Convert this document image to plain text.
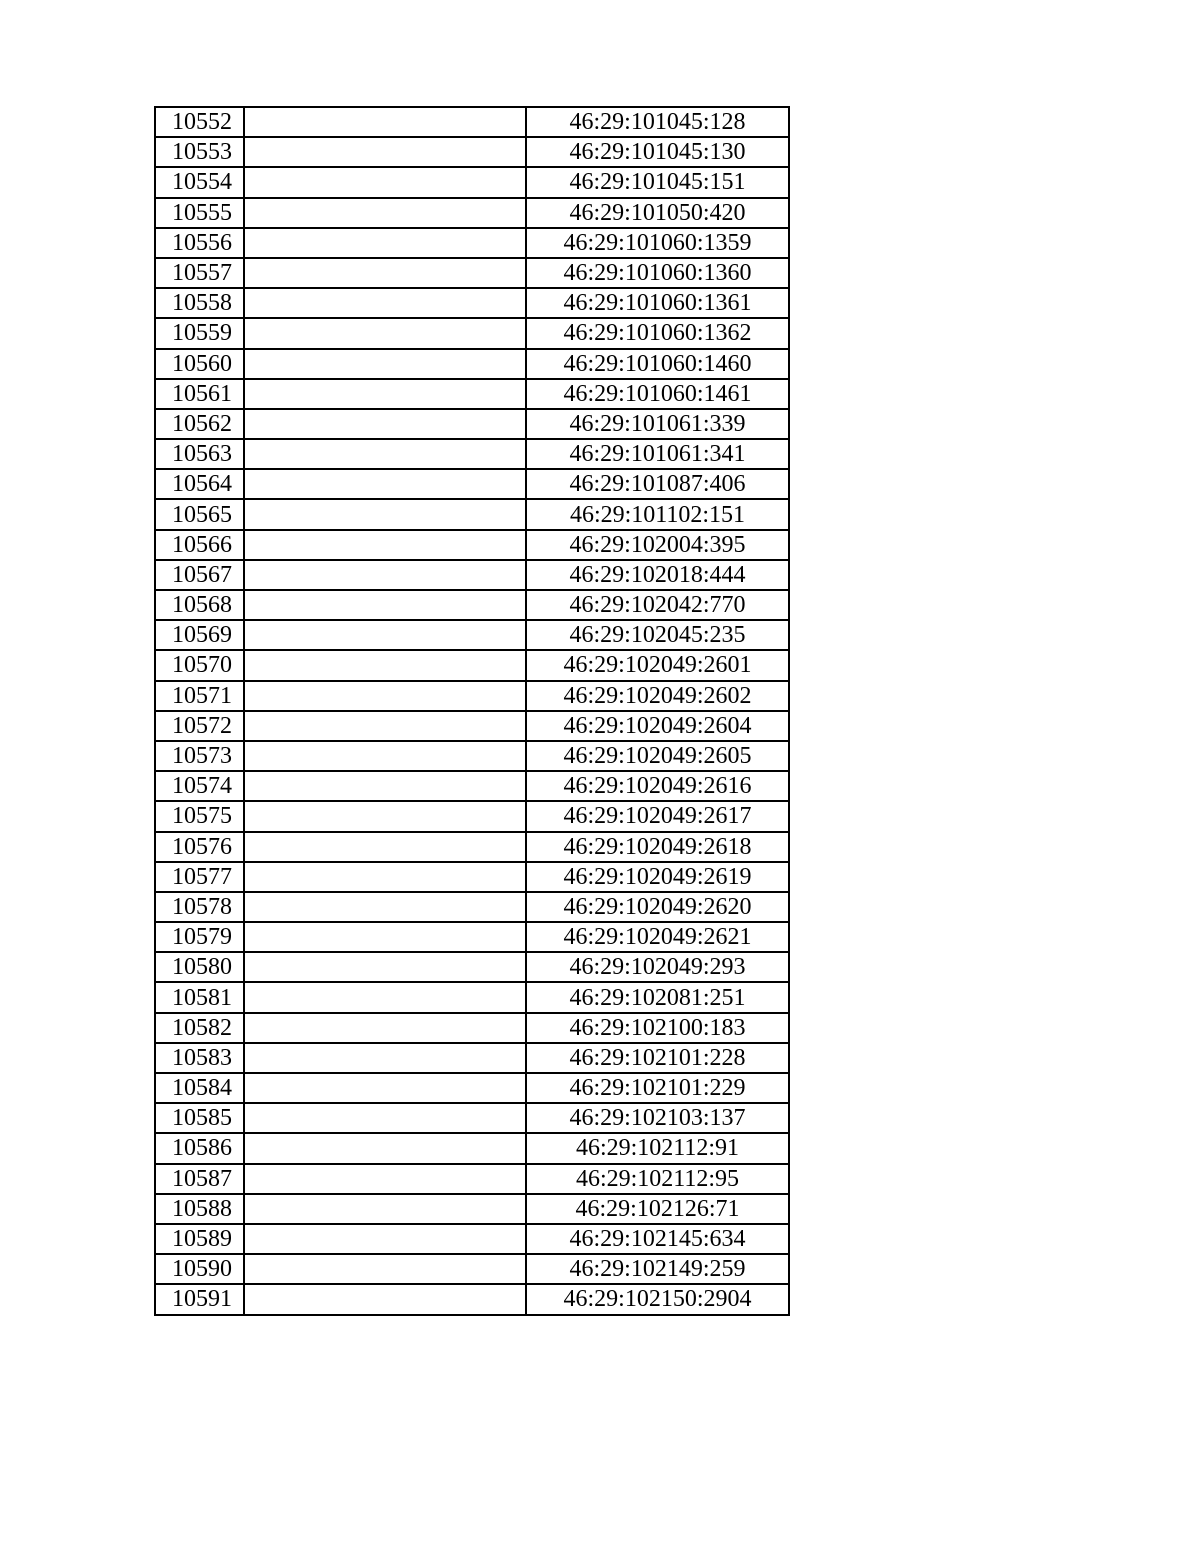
10552		46:29:101045:128
10553		46:29:101045:130
10554		46:29:101045:151
10555		46:29:101050:420
10556		46:29:101060:1359
10557		46:29:101060:1360
10558		46:29:101060:1361
10559		46:29:101060:1362
10560		46:29:101060:1460
10561		46:29:101060:1461
10562		46:29:101061:339
10563		46:29:101061:341
10564		46:29:101087:406
10565		46:29:101102:151
10566		46:29:102004:395
10567		46:29:102018:444
10568		46:29:102042:770
10569		46:29:102045:235
10570		46:29:102049:2601
10571		46:29:102049:2602
10572		46:29:102049:2604
10573		46:29:102049:2605
10574		46:29:102049:2616
10575		46:29:102049:2617
10576		46:29:102049:2618
10577		46:29:102049:2619
10578		46:29:102049:2620
10579		46:29:102049:2621
10580		46:29:102049:293
10581		46:29:102081:251
10582		46:29:102100:183
10583		46:29:102101:228
10584		46:29:102101:229
10585		46:29:102103:137
10586		46:29:102112:91
10587		46:29:102112:95
10588		46:29:102126:71
10589		46:29:102145:634
10590		46:29:102149:259
10591		46:29:102150:2904
